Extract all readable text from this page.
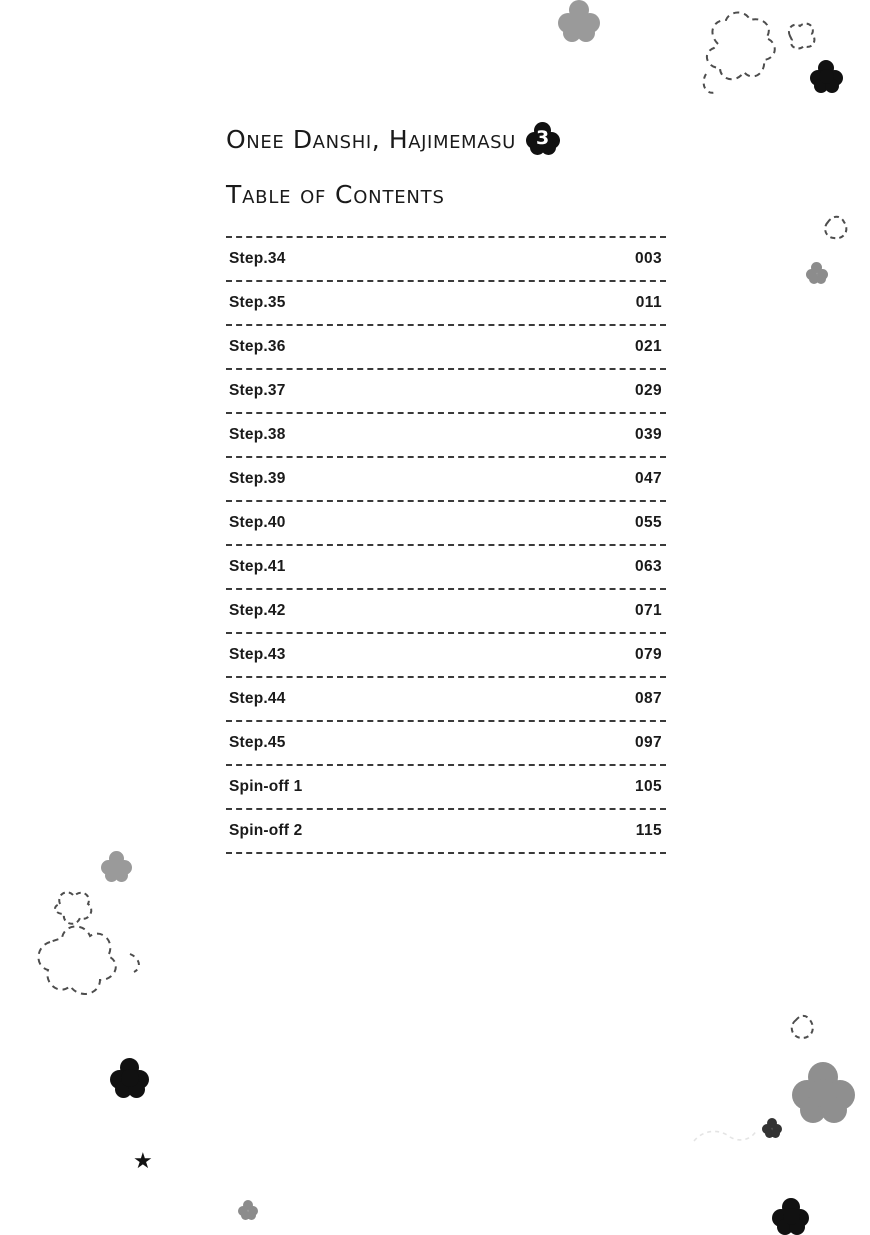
★
Onee Danshi, Hajimemasu 3
Table of Contents
Step.34	003
Step.35	011
Step.36	021
Step.37	029
Step.38	039
Step.39	047
Step.40	055
Step.41	063
Step.42	071
Step.43	079
Step.44	087
Step.45	097
Spin-off 1	105
Spin-off 2	115
